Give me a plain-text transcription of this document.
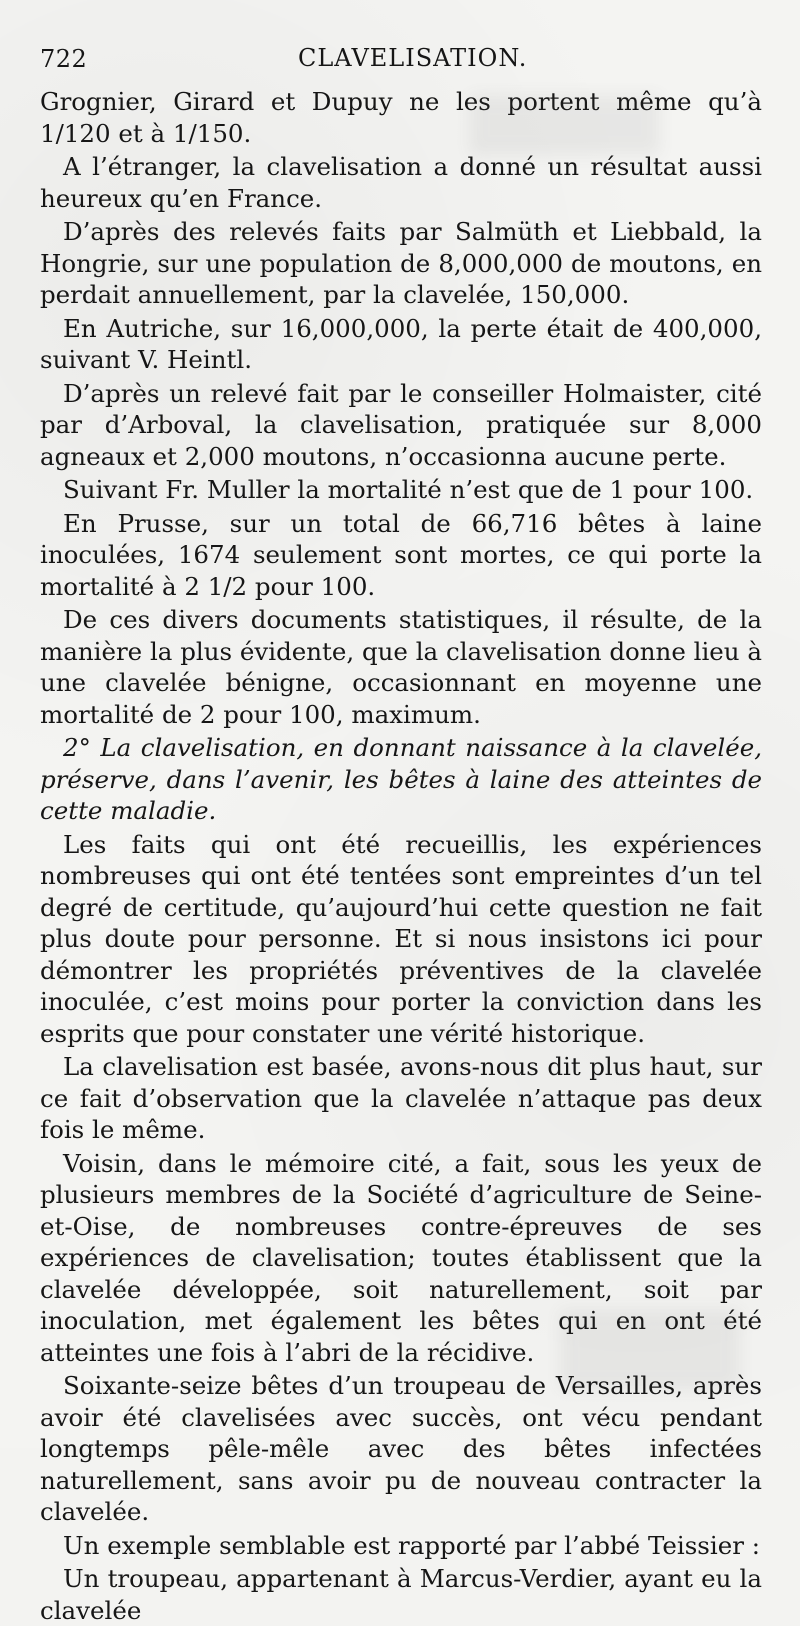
722	CLAVELISATION.

Grognier, Girard et Dupuy ne les portent même qu’à 1/120 et à 1/150.

A l’étranger, la clavelisation a donné un résultat aussi heureux qu’en France.

D’après des relevés faits par Salmüth et Liebbald, la Hongrie, sur une population de 8,000,000 de moutons, en perdait annuellement, par la clavelée, 150,000.

En Autriche, sur 16,000,000, la perte était de 400,000, suivant V. Heintl.

D’après un relevé fait par le conseiller Holmaister, cité par d’Arboval, la clavelisation, pratiquée sur 8,000 agneaux et 2,000 moutons, n’occasionna aucune perte.

Suivant Fr. Muller la mortalité n’est que de 1 pour 100.

En Prusse, sur un total de 66,716 bêtes à laine inoculées, 1674 seulement sont mortes, ce qui porte la mortalité à 2 1/2 pour 100.

De ces divers documents statistiques, il résulte, de la manière la plus évidente, que la clavelisation donne lieu à une clavelée bénigne, occasionnant en moyenne une mortalité de 2 pour 100, maximum.

2° La clavelisation, en donnant naissance à la clavelée, préserve, dans l’avenir, les bêtes à laine des atteintes de cette maladie.

Les faits qui ont été recueillis, les expériences nombreuses qui ont été tentées sont empreintes d’un tel degré de certitude, qu’aujourd’hui cette question ne fait plus doute pour personne. Et si nous insistons ici pour démontrer les propriétés préventives de la clavelée inoculée, c’est moins pour porter la conviction dans les esprits que pour constater une vérité historique.

La clavelisation est basée, avons-nous dit plus haut, sur ce fait d’observation que la clavelée n’attaque pas deux fois le même.

Voisin, dans le mémoire cité, a fait, sous les yeux de plusieurs membres de la Société d’agriculture de Seine-et-Oise, de nombreuses contre-épreuves de ses expériences de clavelisation; toutes établissent que la clavelée développée, soit naturellement, soit par inoculation, met également les bêtes qui en ont été atteintes une fois à l’abri de la récidive.

Soixante-seize bêtes d’un troupeau de Versailles, après avoir été clavelisées avec succès, ont vécu pendant longtemps pêle-mêle avec des bêtes infectées naturellement, sans avoir pu de nouveau contracter la clavelée.

Un exemple semblable est rapporté par l’abbé Teissier :

Un troupeau, appartenant à Marcus-Verdier, ayant eu la clavelée
